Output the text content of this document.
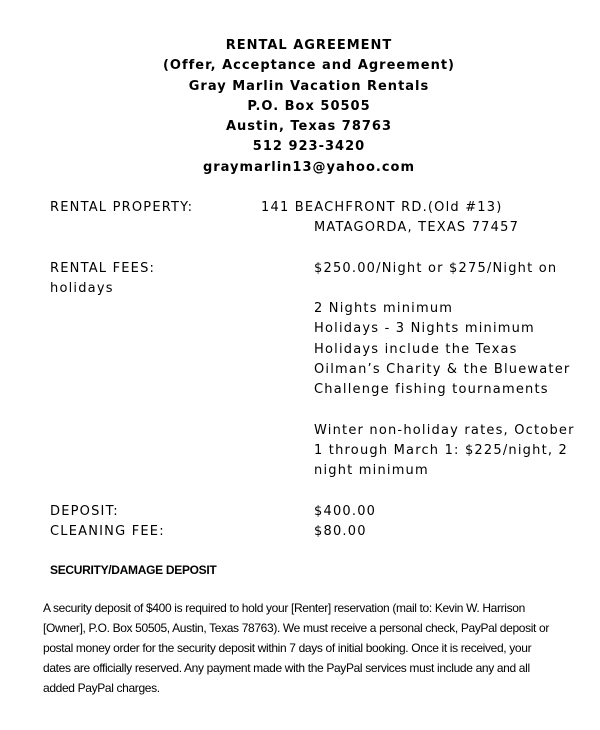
RENTAL AGREEMENT
(Offer, Acceptance and Agreement)
Gray Marlin Vacation Rentals
P.O. Box 50505
Austin, Texas 78763
512 923-3420
graymarlin13@yahoo.com
RENTAL PROPERTY:	141 BEACHFRONT RD.(Old #13)
MATAGORDA, TEXAS 77457
RENTAL FEES:	$250.00/Night or $275/Night on
holidays
2 Nights minimum
Holidays - 3 Nights minimum
Holidays include the Texas
Oilman’s Charity & the Bluewater
Challenge fishing tournaments
Winter non-holiday rates, October
1 through March 1: $225/night, 2
night minimum
DEPOSIT:	$400.00
CLEANING FEE:	$80.00
SECURITY/DAMAGE DEPOSIT
A security deposit of $400 is required to hold your [Renter] reservation (mail to: Kevin W. Harrison
[Owner], P.O. Box 50505, Austin, Texas 78763). We must receive a personal check, PayPal deposit or
postal money order for the security deposit within 7 days of initial booking. Once it is received, your
dates are officially reserved. Any payment made with the PayPal services must include any and all
added PayPal charges.
